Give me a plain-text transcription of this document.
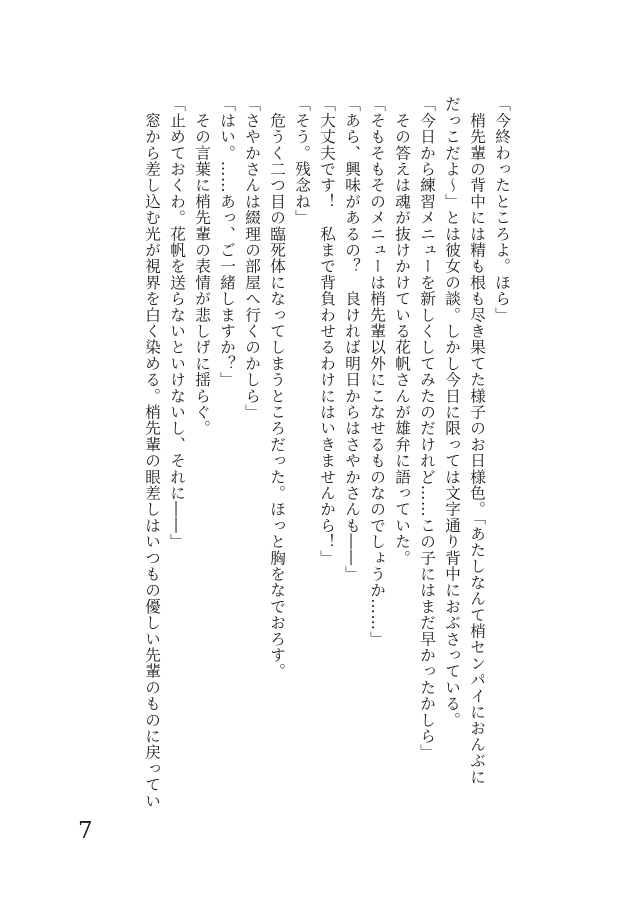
「今終わったところよ。ほら」
　梢先輩の背中には精も根も尽き果てた様子のお日様色。「あたしなんて梢センパイにおんぶに
だっこだよ〜」とは彼女の談。しかし今日に限っては文字通り背中におぶさっている。
「今日から練習メニューを新しくしてみたのだけれど……この子にはまだ早かったかしら」
　その答えは魂が抜けかけている花帆さんが雄弁に語っていた。
「そもそもそのメニューは梢先輩以外にこなせるものなのでしょうか……」
「あら、興味があるの？　良ければ明日からはさやかさんも――」
「大丈夫です！　私まで背負わせるわけにはいきませんから！」
「そう。残念ね」
　危うく二つ目の臨死体になってしまうところだった。ほっと胸をなでおろす。
「さやかさんは綴理の部屋へ行くのかしら」
「はい。……あっ、ご一緒しますか？」
　その言葉に梢先輩の表情が悲しげに揺らぐ。
「止めておくわ。花帆を送らないといけないし、それに――」
　窓から差し込む光が視界を白く染める。梢先輩の眼差しはいつもの優しい先輩のものに戻ってい
7
